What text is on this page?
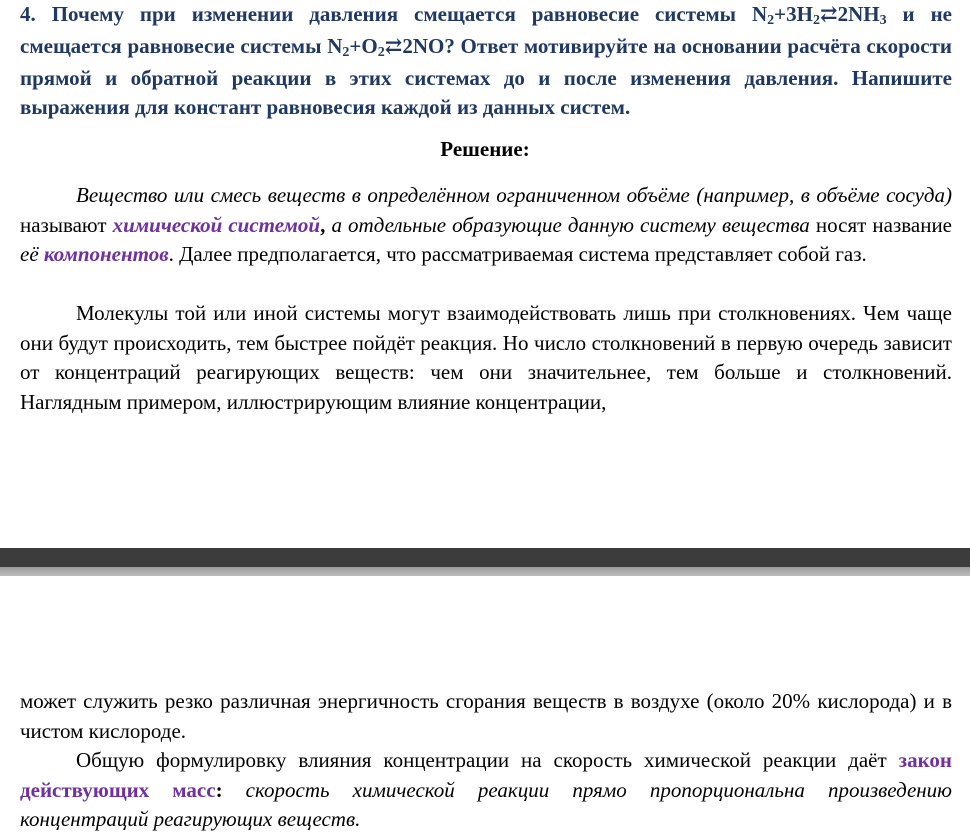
4. Почему при изменении давления смещается равновесие системы $N_2+3H_2⇄2NH_3$ и не смещается равновесие системы $N_2+O_2⇄2NO$? Ответ мотивируйте на основании расчёта скорости прямой и обратной реакции в этих системах до и после изменения давления. Напишите выражения для констант равновесия каждой из данных систем.

Решение:

Вещество или смесь веществ в определённом ограниченном объёме (например, в объёме сосуда) называют химической системой, а отдельные образующие данную систему вещества носят название её компонентов. Далее предполагается, что рассматриваемая система представляет собой газ.

Молекулы той или иной системы могут взаимодействовать лишь при столкновениях. Чем чаще они будут происходить, тем быстрее пойдёт реакция. Но число столкновений в первую очередь зависит от концентраций реагирующих веществ: чем они значительнее, тем больше и столкновений. Наглядным примером, иллюстрирующим влияние концентрации,

может служить резко различная энергичность сгорания веществ в воздухе (около 20% кислорода) и в чистом кислороде.

Общую формулировку влияния концентрации на скорость химической реакции даёт закон действующих масс: скорость химической реакции прямо пропорциональна произведению концентраций реагирующих веществ.
